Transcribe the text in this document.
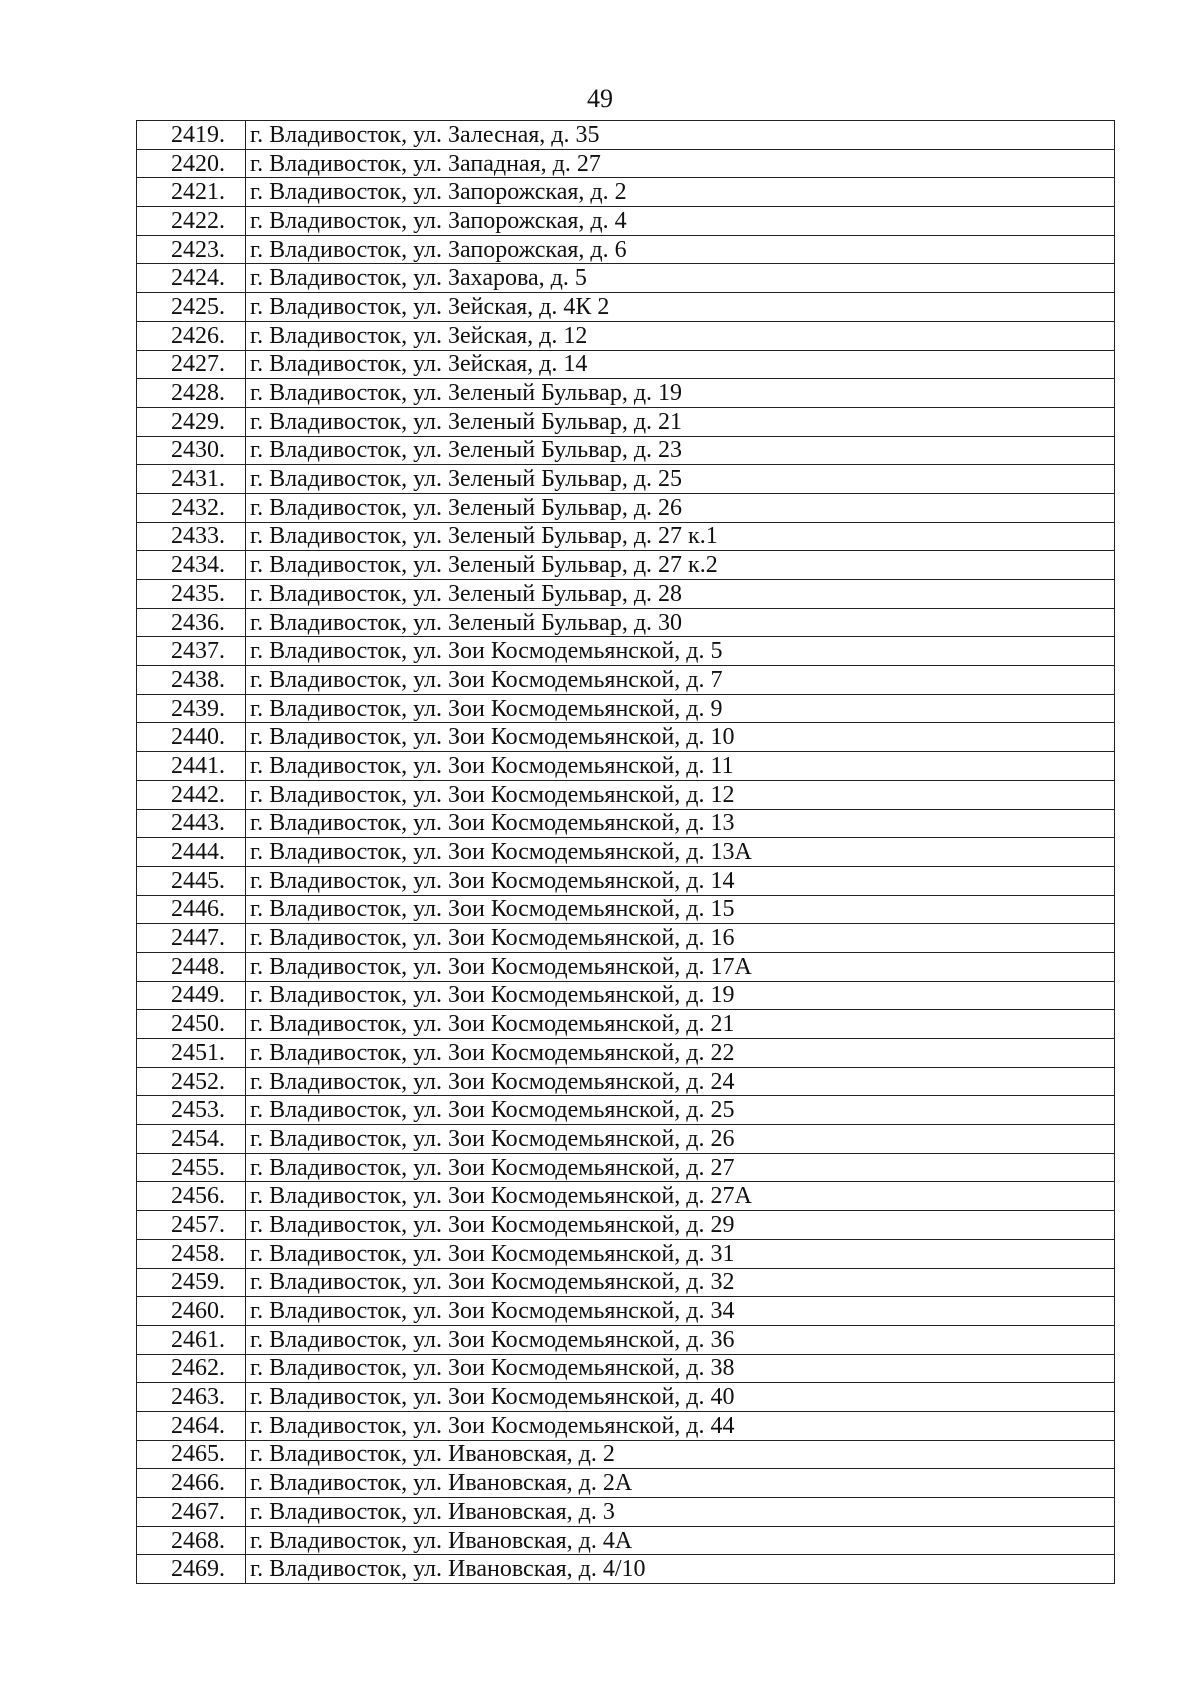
49
2419.	г. Владивосток, ул. Залесная, д. 35
2420.	г. Владивосток, ул. Западная, д. 27
2421.	г. Владивосток, ул. Запорожская, д. 2
2422.	г. Владивосток, ул. Запорожская, д. 4
2423.	г. Владивосток, ул. Запорожская, д. 6
2424.	г. Владивосток, ул. Захарова, д. 5
2425.	г. Владивосток, ул. Зейская, д. 4К 2
2426.	г. Владивосток, ул. Зейская, д. 12
2427.	г. Владивосток, ул. Зейская, д. 14
2428.	г. Владивосток, ул. Зеленый Бульвар, д. 19
2429.	г. Владивосток, ул. Зеленый Бульвар, д. 21
2430.	г. Владивосток, ул. Зеленый Бульвар, д. 23
2431.	г. Владивосток, ул. Зеленый Бульвар, д. 25
2432.	г. Владивосток, ул. Зеленый Бульвар, д. 26
2433.	г. Владивосток, ул. Зеленый Бульвар, д. 27 к.1
2434.	г. Владивосток, ул. Зеленый Бульвар, д. 27 к.2
2435.	г. Владивосток, ул. Зеленый Бульвар, д. 28
2436.	г. Владивосток, ул. Зеленый Бульвар, д. 30
2437.	г. Владивосток, ул. Зои Космодемьянской, д. 5
2438.	г. Владивосток, ул. Зои Космодемьянской, д. 7
2439.	г. Владивосток, ул. Зои Космодемьянской, д. 9
2440.	г. Владивосток, ул. Зои Космодемьянской, д. 10
2441.	г. Владивосток, ул. Зои Космодемьянской, д. 11
2442.	г. Владивосток, ул. Зои Космодемьянской, д. 12
2443.	г. Владивосток, ул. Зои Космодемьянской, д. 13
2444.	г. Владивосток, ул. Зои Космодемьянской, д. 13А
2445.	г. Владивосток, ул. Зои Космодемьянской, д. 14
2446.	г. Владивосток, ул. Зои Космодемьянской, д. 15
2447.	г. Владивосток, ул. Зои Космодемьянской, д. 16
2448.	г. Владивосток, ул. Зои Космодемьянской, д. 17А
2449.	г. Владивосток, ул. Зои Космодемьянской, д. 19
2450.	г. Владивосток, ул. Зои Космодемьянской, д. 21
2451.	г. Владивосток, ул. Зои Космодемьянской, д. 22
2452.	г. Владивосток, ул. Зои Космодемьянской, д. 24
2453.	г. Владивосток, ул. Зои Космодемьянской, д. 25
2454.	г. Владивосток, ул. Зои Космодемьянской, д. 26
2455.	г. Владивосток, ул. Зои Космодемьянской, д. 27
2456.	г. Владивосток, ул. Зои Космодемьянской, д. 27А
2457.	г. Владивосток, ул. Зои Космодемьянской, д. 29
2458.	г. Владивосток, ул. Зои Космодемьянской, д. 31
2459.	г. Владивосток, ул. Зои Космодемьянской, д. 32
2460.	г. Владивосток, ул. Зои Космодемьянской, д. 34
2461.	г. Владивосток, ул. Зои Космодемьянской, д. 36
2462.	г. Владивосток, ул. Зои Космодемьянской, д. 38
2463.	г. Владивосток, ул. Зои Космодемьянской, д. 40
2464.	г. Владивосток, ул. Зои Космодемьянской, д. 44
2465.	г. Владивосток, ул. Ивановская, д. 2
2466.	г. Владивосток, ул. Ивановская, д. 2А
2467.	г. Владивосток, ул. Ивановская, д. 3
2468.	г. Владивосток, ул. Ивановская, д. 4А
2469.	г. Владивосток, ул. Ивановская, д. 4/10
